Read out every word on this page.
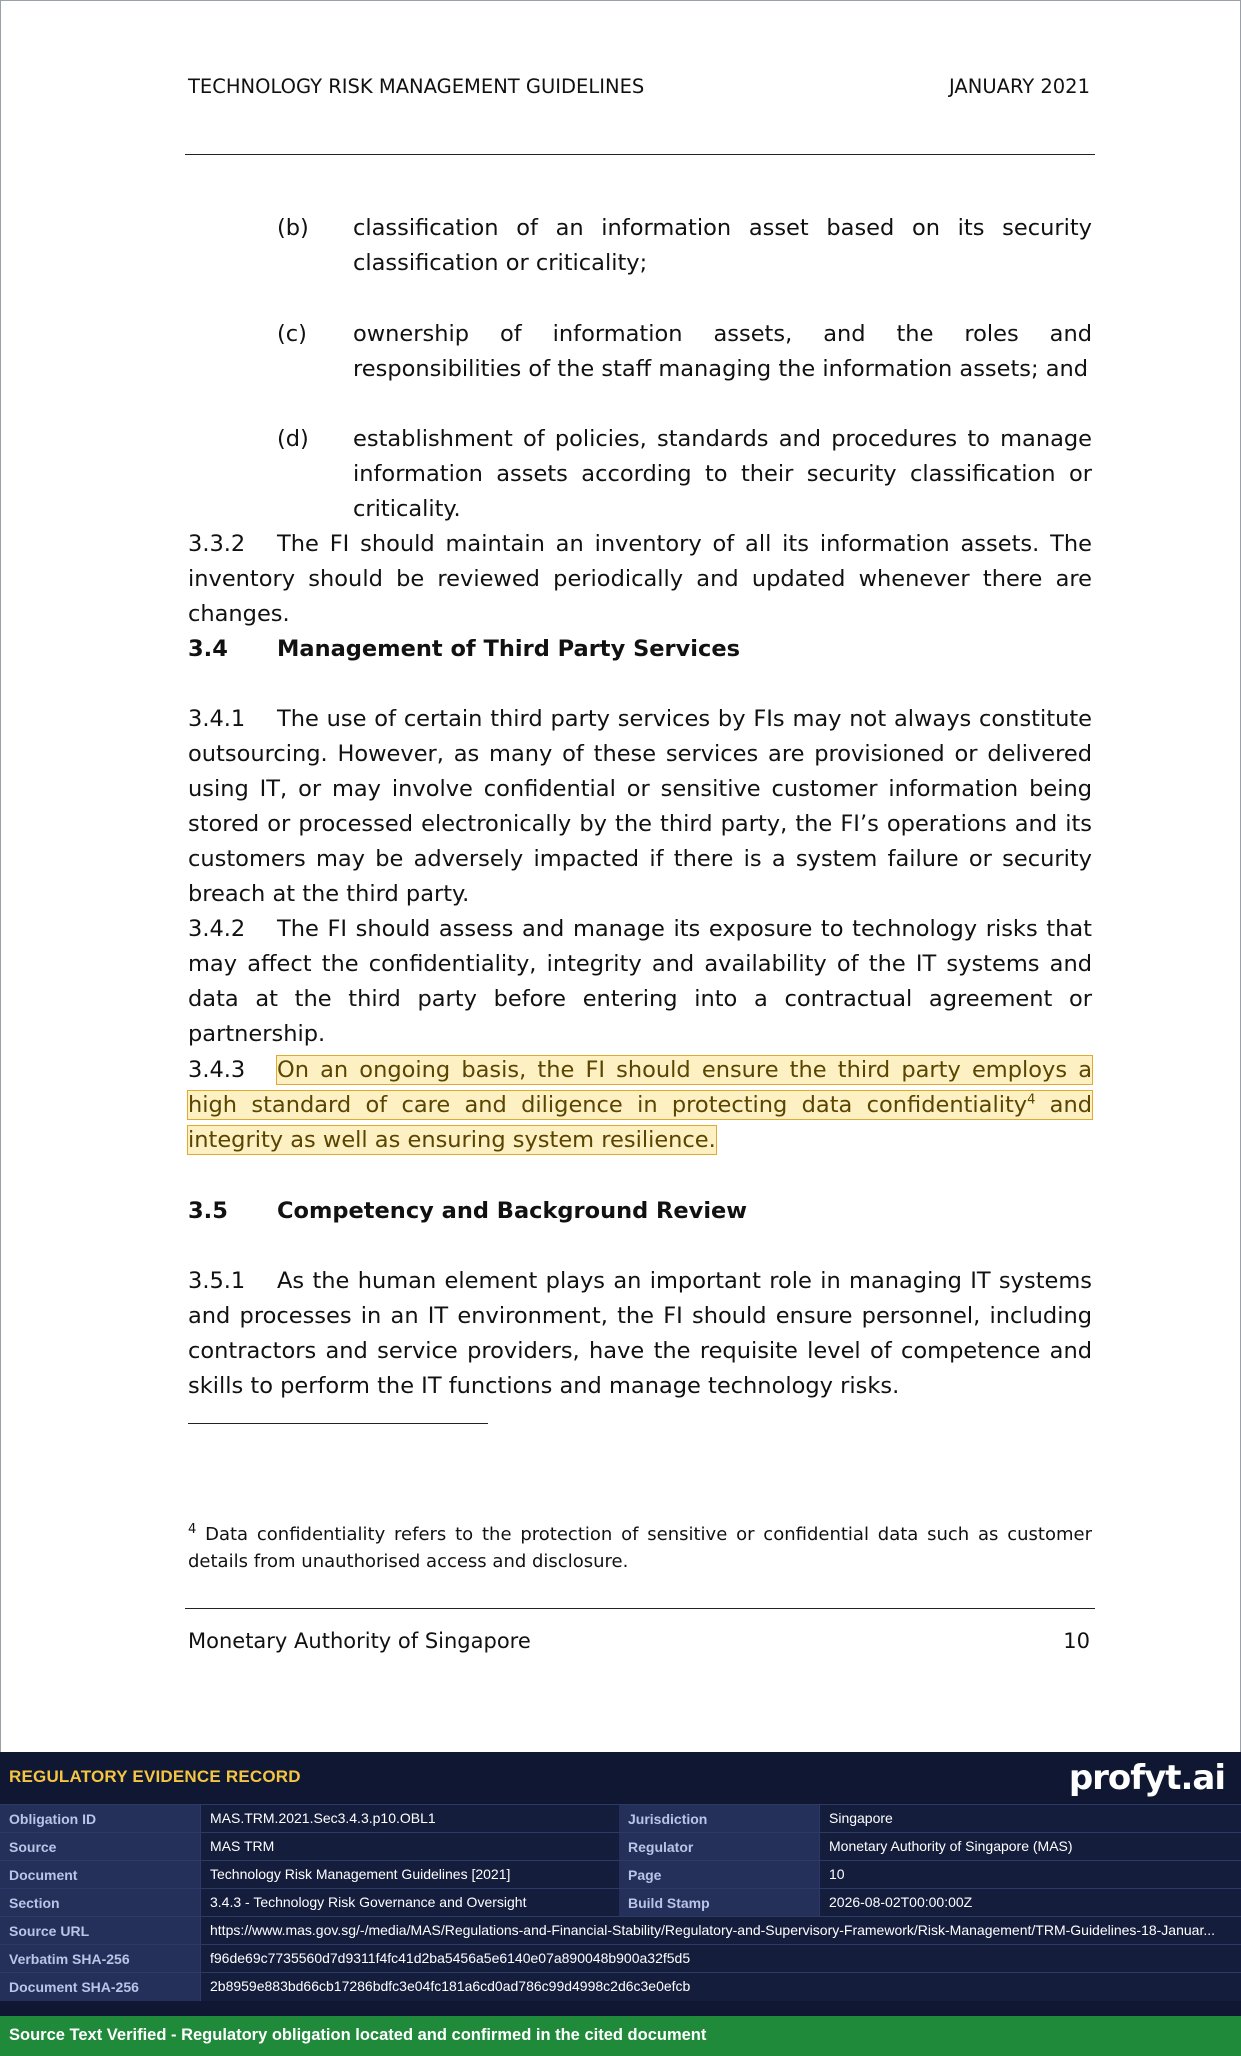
TECHNOLOGY RISK MANAGEMENT GUIDELINES	JANUARY 2021
(b) classification of an information asset based on its security classification or criticality;
(c) ownership of information assets, and the roles and responsibilities of the staff managing the information assets; and
(d) establishment of policies, standards and procedures to manage information assets according to their security classification or criticality.
3.3.2 The FI should maintain an inventory of all its information assets. The inventory should be reviewed periodically and updated whenever there are changes.
3.4 Management of Third Party Services
3.4.1 The use of certain third party services by FIs may not always constitute outsourcing. However, as many of these services are provisioned or delivered using IT, or may involve confidential or sensitive customer information being stored or processed electronically by the third party, the FI’s operations and its customers may be adversely impacted if there is a system failure or security breach at the third party.
3.4.2 The FI should assess and manage its exposure to technology risks that may affect the confidentiality, integrity and availability of the IT systems and data at the third party before entering into a contractual agreement or partnership.
3.4.3 On an ongoing basis, the FI should ensure the third party employs a high standard of care and diligence in protecting data confidentiality$^4$ and integrity as well as ensuring system resilience.
3.5 Competency and Background Review
3.5.1 As the human element plays an important role in managing IT systems and processes in an IT environment, the FI should ensure personnel, including contractors and service providers, have the requisite level of competence and skills to perform the IT functions and manage technology risks.
$^4$ Data confidentiality refers to the protection of sensitive or confidential data such as customer details from unauthorised access and disclosure.
Monetary Authority of Singapore	10
REGULATORY EVIDENCE RECORD	profyt.ai
Obligation ID	MAS.TRM.2021.Sec3.4.3.p10.OBL1	Jurisdiction	Singapore
Source	MAS TRM	Regulator	Monetary Authority of Singapore (MAS)
Document	Technology Risk Management Guidelines [2021]	Page	10
Section	3.4.3 - Technology Risk Governance and Oversight	Build Stamp	2026-08-02T00:00:00Z
Source URL	https://www.mas.gov.sg/-/media/MAS/Regulations-and-Financial-Stability/Regulatory-and-Supervisory-Framework/Risk-Management/TRM-Guidelines-18-Januar...
Verbatim SHA-256	f96de69c7735560d7d9311f4fc41d2ba5456a5e6140e07a890048b900a32f5d5
Document SHA-256	2b8959e883bd66cb17286bdfc3e04fc181a6cd0ad786c99d4998c2d6c3e0efcb
Source Text Verified - Regulatory obligation located and confirmed in the cited document
